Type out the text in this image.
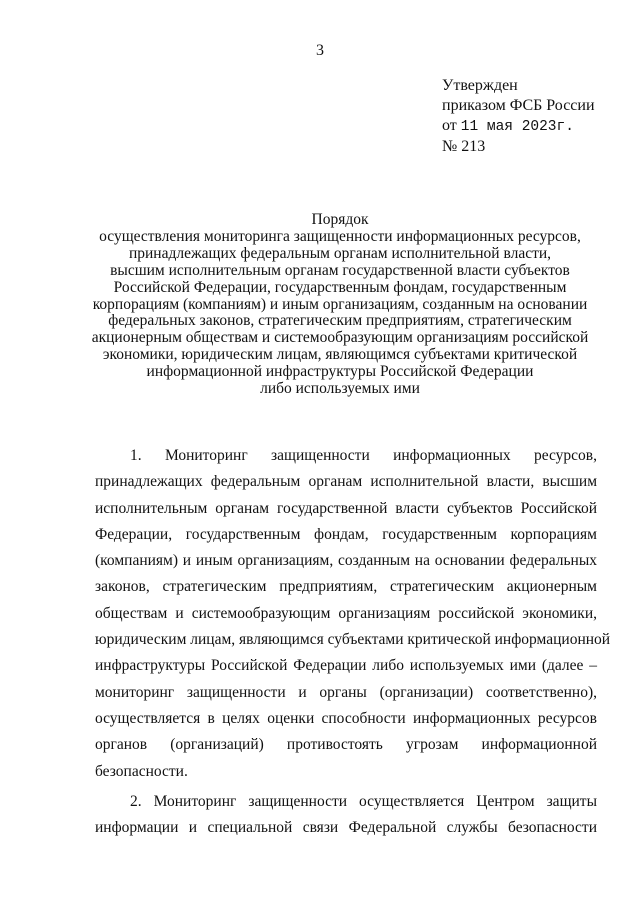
3
Утвержден
приказом ФСБ России
от 11 мая 2023г.
№ 213
Порядок
осуществления мониторинга защищенности информационных ресурсов,
принадлежащих федеральным органам исполнительной власти,
высшим исполнительным органам государственной власти субъектов
Российской Федерации, государственным фондам, государственным
корпорациям (компаниям) и иным организациям, созданным на основании
федеральных законов, стратегическим предприятиям, стратегическим
акционерным обществам и системообразующим организациям российской
экономики, юридическим лицам, являющимся субъектами критической
информационной инфраструктуры Российской Федерации
либо используемых ими

1. Мониторинг защищенности информационных ресурсов,
принадлежащих федеральным органам исполнительной власти, высшим
исполнительным органам государственной власти субъектов Российской
Федерации, государственным фондам, государственным корпорациям
(компаниям) и иным организациям, созданным на основании федеральных
законов, стратегическим предприятиям, стратегическим акционерным
обществам и системообразующим организациям российской экономики,
юридическим лицам, являющимся субъектами критической информационной
инфраструктуры Российской Федерации либо используемых ими (далее –
мониторинг защищенности и органы (организации) соответственно),
осуществляется в целях оценки способности информационных ресурсов
органов (организаций) противостоять угрозам информационной
безопасности.

2. Мониторинг защищенности осуществляется Центром защиты
информации и специальной связи Федеральной службы безопасности
